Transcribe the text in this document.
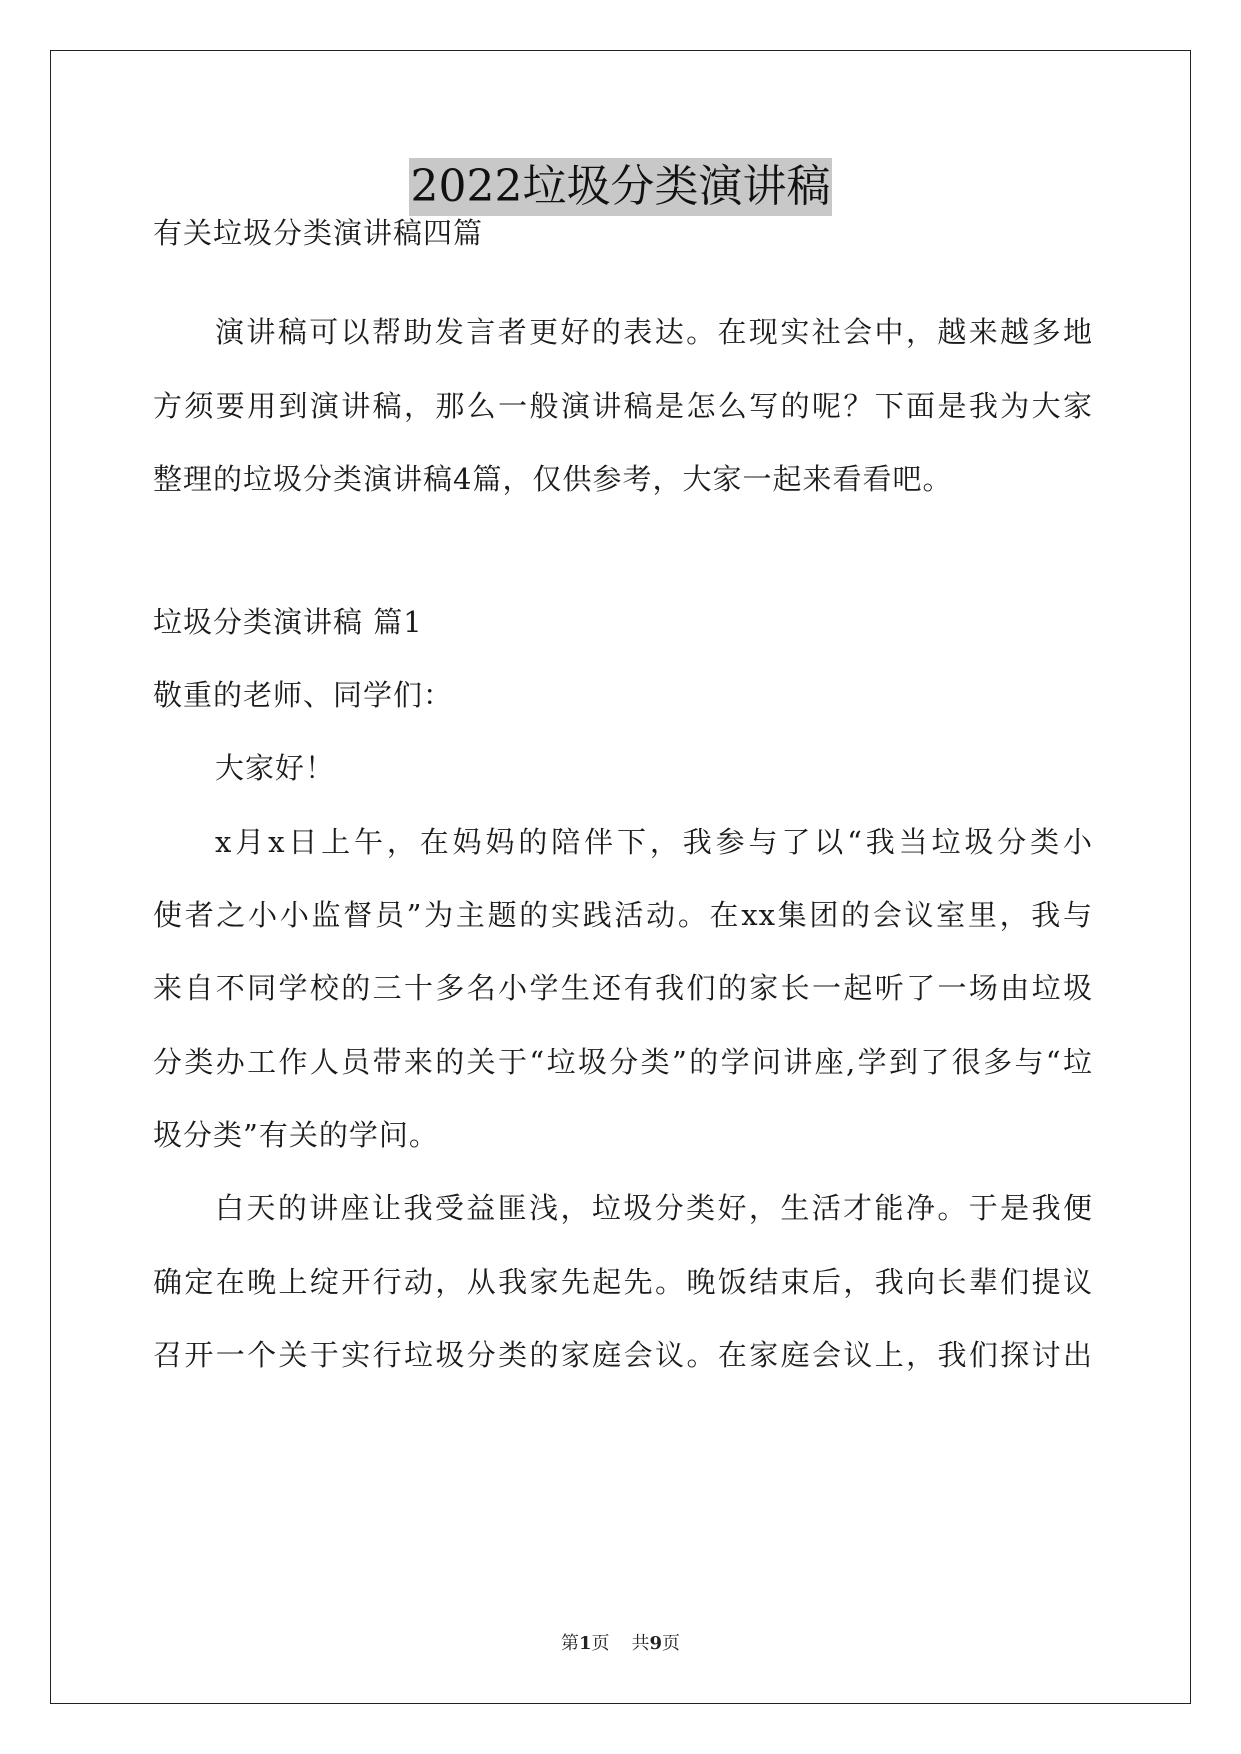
2022垃圾分类演讲稿
有关垃圾分类演讲稿四篇
演讲稿可以帮助发言者更好的表达。在现实社会中，越来越多地
方须要用到演讲稿，那么一般演讲稿是怎么写的呢？下面是我为大家
整理的垃圾分类演讲稿4篇，仅供参考，大家一起来看看吧。
垃圾分类演讲稿 篇1
敬重的老师、同学们：
大家好！
x月x日上午，在妈妈的陪伴下，我参与了以“我当垃圾分类小
使者之小小监督员”为主题的实践活动。在xx集团的会议室里，我与
来自不同学校的三十多名小学生还有我们的家长一起听了一场由垃圾
分类办工作人员带来的关于“垃圾分类”的学问讲座,学到了很多与“垃
圾分类”有关的学问。
白天的讲座让我受益匪浅，垃圾分类好，生活才能净。于是我便
确定在晚上绽开行动，从我家先起先。晚饭结束后，我向长辈们提议
召开一个关于实行垃圾分类的家庭会议。在家庭会议上，我们探讨出
第1页 共9页
